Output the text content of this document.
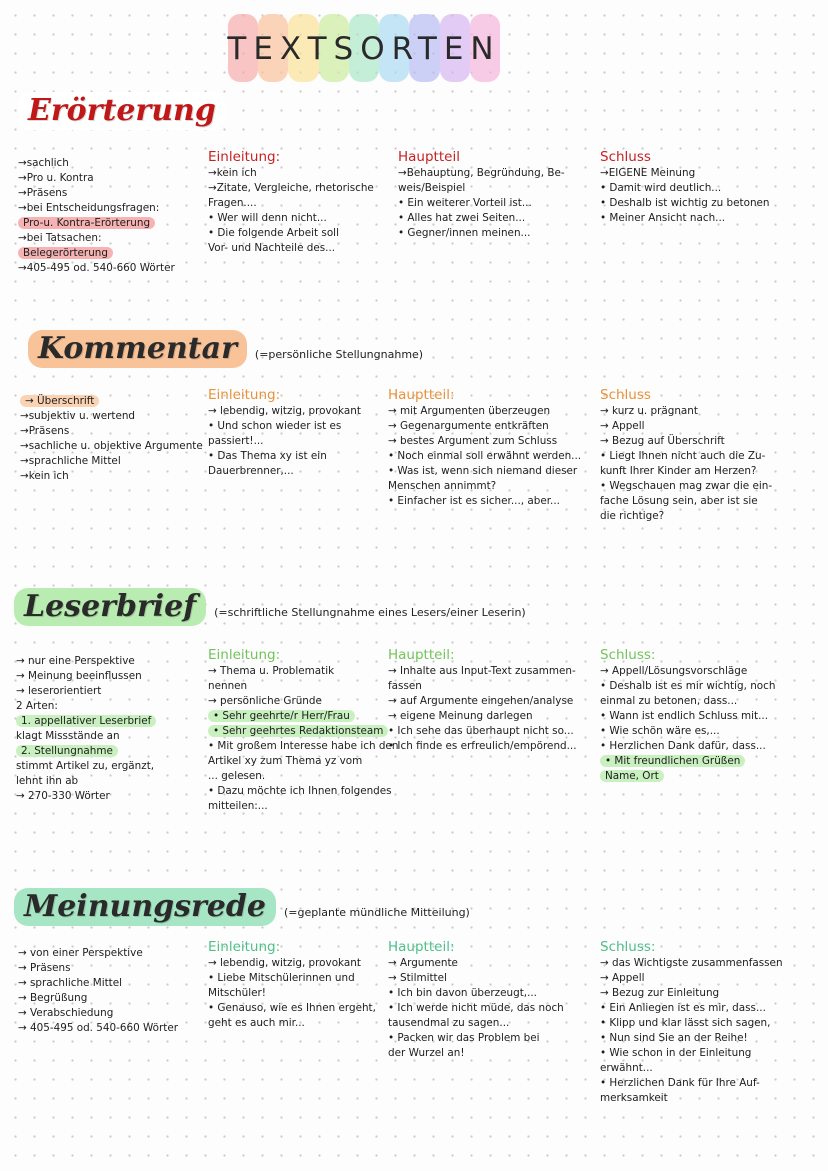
TEXTSORTEN
Erörterung
→sachlich
→Pro u. Kontra
→Präsens
→bei Entscheidungsfragen:
Pro-u. Kontra-Erörterung
→bei Tatsachen:
Belegerörterung
→405-495 od. 540-660 Wörter
Einleitung:
→kein ich
→Zitate, Vergleiche, rhetorische
Fragen....
• Wer will denn nicht...
• Die folgende Arbeit soll
Vor- und Nachteile des...
Hauptteil
→Behauptung, Begründung, Be-
weis/Beispiel
• Ein weiterer Vorteil ist...
• Alles hat zwei Seiten...
• Gegner/innen meinen...
Schluss
→EIGENE Meinung
• Damit wird deutlich...
• Deshalb ist wichtig zu betonen
• Meiner Ansicht nach...
Kommentar	(=persönliche Stellungnahme)
→ Überschrift
→subjektiv u. wertend
→Präsens
→sachliche u. objektive Argumente
→sprachliche Mittel
→kein ich
Einleitung:
→ lebendig, witzig, provokant
• Und schon wieder ist es
passiert!...
• Das Thema xy ist ein
Dauerbrenner,...
Hauptteil:
→ mit Argumenten überzeugen
→ Gegenargumente entkräften
→ bestes Argument zum Schluss
• Noch einmal soll erwähnt werden...
• Was ist, wenn sich niemand dieser
Menschen annimmt?
• Einfacher ist es sicher..., aber...
Schluss
→ kurz u. prägnant
→ Appell
→ Bezug auf Überschrift
• Liegt Ihnen nicht auch die Zu-
kunft Ihrer Kinder am Herzen?
• Wegschauen mag zwar die ein-
fache Lösung sein, aber ist sie
die richtige?
Leserbrief	(=schriftliche Stellungnahme eines Lesers/einer Leserin)
→ nur eine Perspektive
→ Meinung beeinflussen
→ leserorientiert
2 Arten:
1. appellativer Leserbrief
klagt Missstände an
2. Stellungnahme
stimmt Artikel zu, ergänzt,
lehnt ihn ab
→ 270-330 Wörter
Einleitung:
→ Thema u. Problematik
nennen
→ persönliche Gründe
• Sehr geehrte/r Herr/Frau
• Sehr geehrtes Redaktionsteam
• Mit großem Interesse habe ich den
Artikel xy zum Thema yz vom
... gelesen.
• Dazu möchte ich Ihnen folgendes
mitteilen:...
Hauptteil:
→ Inhalte aus Input-Text zusammen-
fassen
→ auf Argumente eingehen/analyse
→ eigene Meinung darlegen
• Ich sehe das überhaupt nicht so...
• Ich finde es erfreulich/empörend...
Schluss:
→ Appell/Lösungsvorschläge
• Deshalb ist es mir wichtig, noch
einmal zu betonen, dass...
• Wann ist endlich Schluss mit...
• Wie schön wäre es,...
• Herzlichen Dank dafür, dass...
• Mit freundlichen Grüßen
Name, Ort
Meinungsrede	(=geplante mündliche Mitteilung)
→ von einer Perspektive
→ Präsens
→ sprachliche Mittel
→ Begrüßung
→ Verabschiedung
→ 405-495 od. 540-660 Wörter
Einleitung:
→ lebendig, witzig, provokant
• Liebe Mitschülerinnen und
Mitschüler!
• Genauso, wie es Ihnen ergeht,
geht es auch mir...
Hauptteil:
→ Argumente
→ Stilmittel
• Ich bin davon überzeugt,...
• Ich werde nicht müde, das noch
tausendmal zu sagen...
• Packen wir das Problem bei
der Wurzel an!
Schluss:
→ das Wichtigste zusammenfassen
→ Appell
→ Bezug zur Einleitung
• Ein Anliegen ist es mir, dass...
• Klipp und klar lässt sich sagen,
• Nun sind Sie an der Reihe!
• Wie schon in der Einleitung
erwähnt...
• Herzlichen Dank für Ihre Auf-
merksamkeit
